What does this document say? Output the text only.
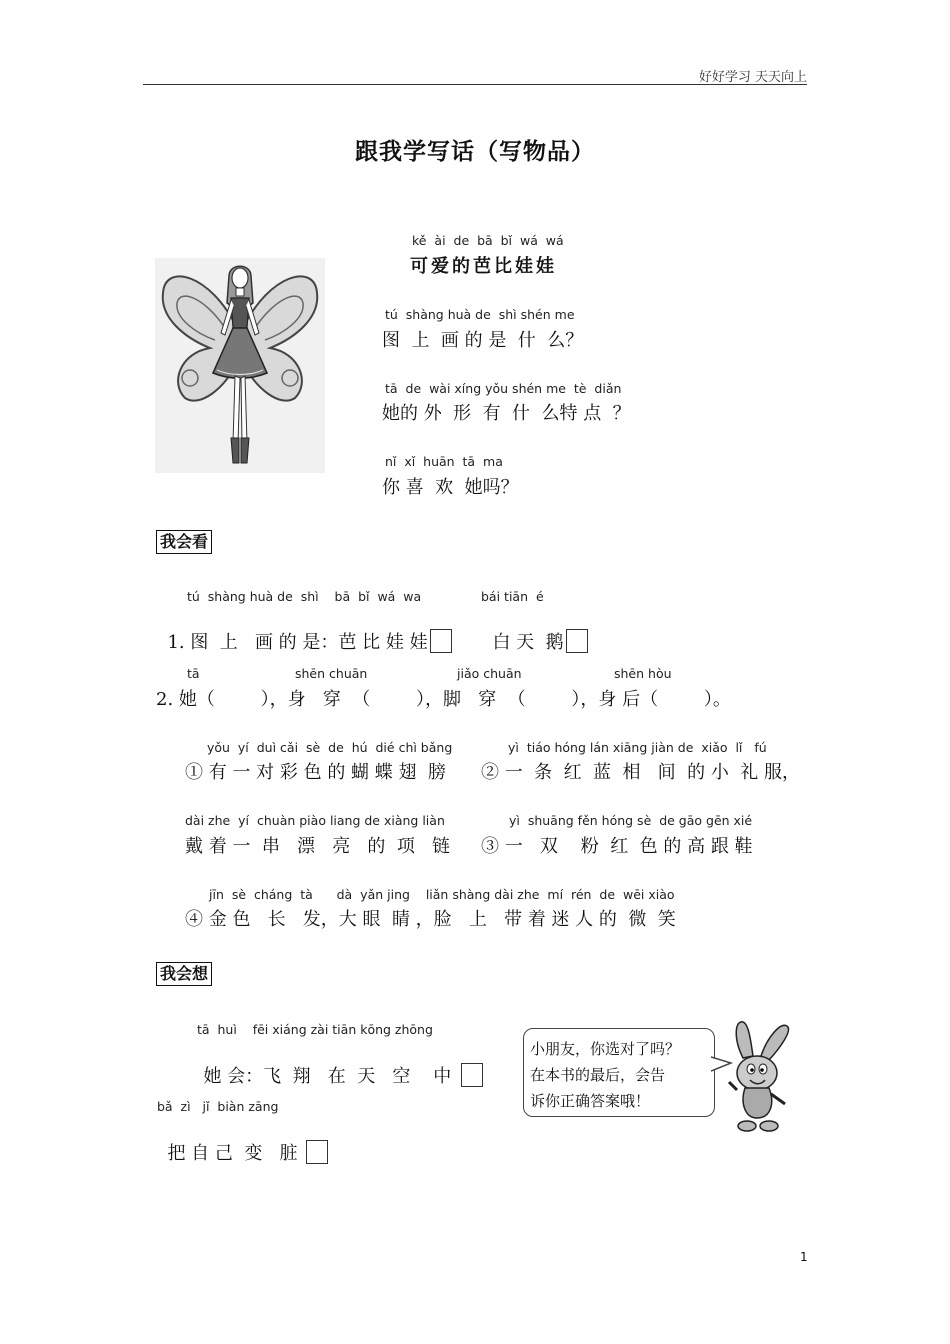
好好学习 天天向上
跟我学写话（写物品）
kě  ài  de  bā  bǐ  wá  wá
可爱的芭比娃娃
tú  shàng huà de  shì shén me
图  上  画 的 是  什  么？
tā  de  wài xíng yǒu shén me  tè  diǎn
她的 外  形  有  什  么特 点  ？
nǐ  xǐ  huān  tā  ma
你 喜  欢  她吗？
我会看
tú  shàng huà de  shì    bā  bǐ  wá  wa	bái tiān  é

1. 图  上   画 的 是：芭 比 娃 娃	白 天  鹅

tā	shēn chuān	jiǎo chuān	shēn hòu
2. 她（        ），身   穿  （        ），脚   穿  （        ），身 后（        ）。
yǒu  yí  duì cǎi  sè  de  hú  dié chì bǎng
① 有 一 对 彩 色 的 蝴 蝶 翅  膀
yì  tiáo hóng lán xiāng jiàn de  xiǎo  lǐ   fú
② 一  条  红  蓝  相   间  的 小  礼 服，
dài zhe  yí  chuàn piào liang de xiàng liàn
戴 着 一  串   漂   亮   的  项   链
yì  shuāng fěn hóng sè  de gāo gēn xié
③ 一   双    粉  红  色 的 高 跟 鞋
jīn  sè  cháng  tà      dà  yǎn jing    liǎn shàng dài zhe  mí  rén  de  wēi xiào
④ 金 色   长   发，大 眼  睛 ，脸   上   带 着 迷 人 的  微  笑
我会想
tā  huì    fēi xiáng zài tiān kōng zhōng

她 会：飞  翔   在  天   空    中

bǎ  zì   jǐ  biàn zāng

把 自 己  变   脏

小朋友，你选对了吗？
在本书的最后，会告
诉你正确答案哦！
1
